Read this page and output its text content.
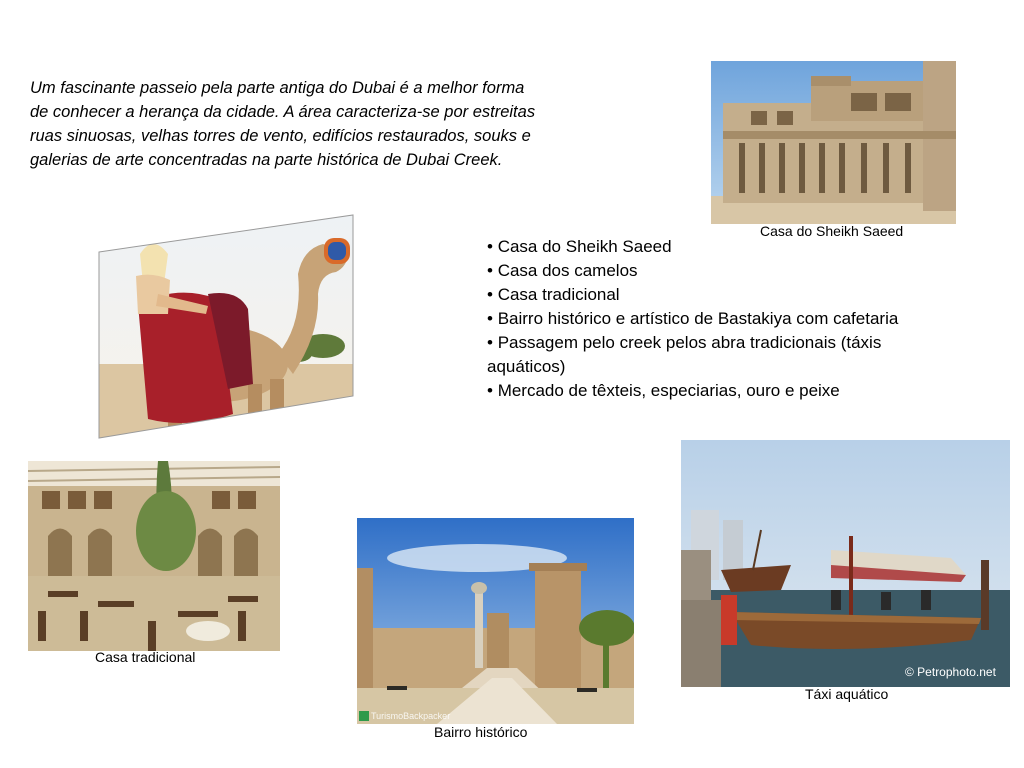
Um fascinante passeio pela parte antiga do Dubai é a melhor forma de conhecer a herança da cidade. A área caracteriza-se por estreitas ruas sinuosas, velhas torres de vento, edifícios restaurados, souks e galerias de arte concentradas na parte histórica de Dubai Creek.

Casa do Sheikh Saeed
• Casa do Sheikh Saeed
• Casa dos camelos
• Casa tradicional
• Bairro histórico e artístico de Bastakiya com cafetaria
• Passagem pelo creek pelos abra tradicionais (táxis aquáticos)
• Mercado de têxteis, especiarias, ouro e peixe
Casa tradicional
TurismoBackpacker
Bairro histórico
© Petrophoto.net
Táxi aquático
